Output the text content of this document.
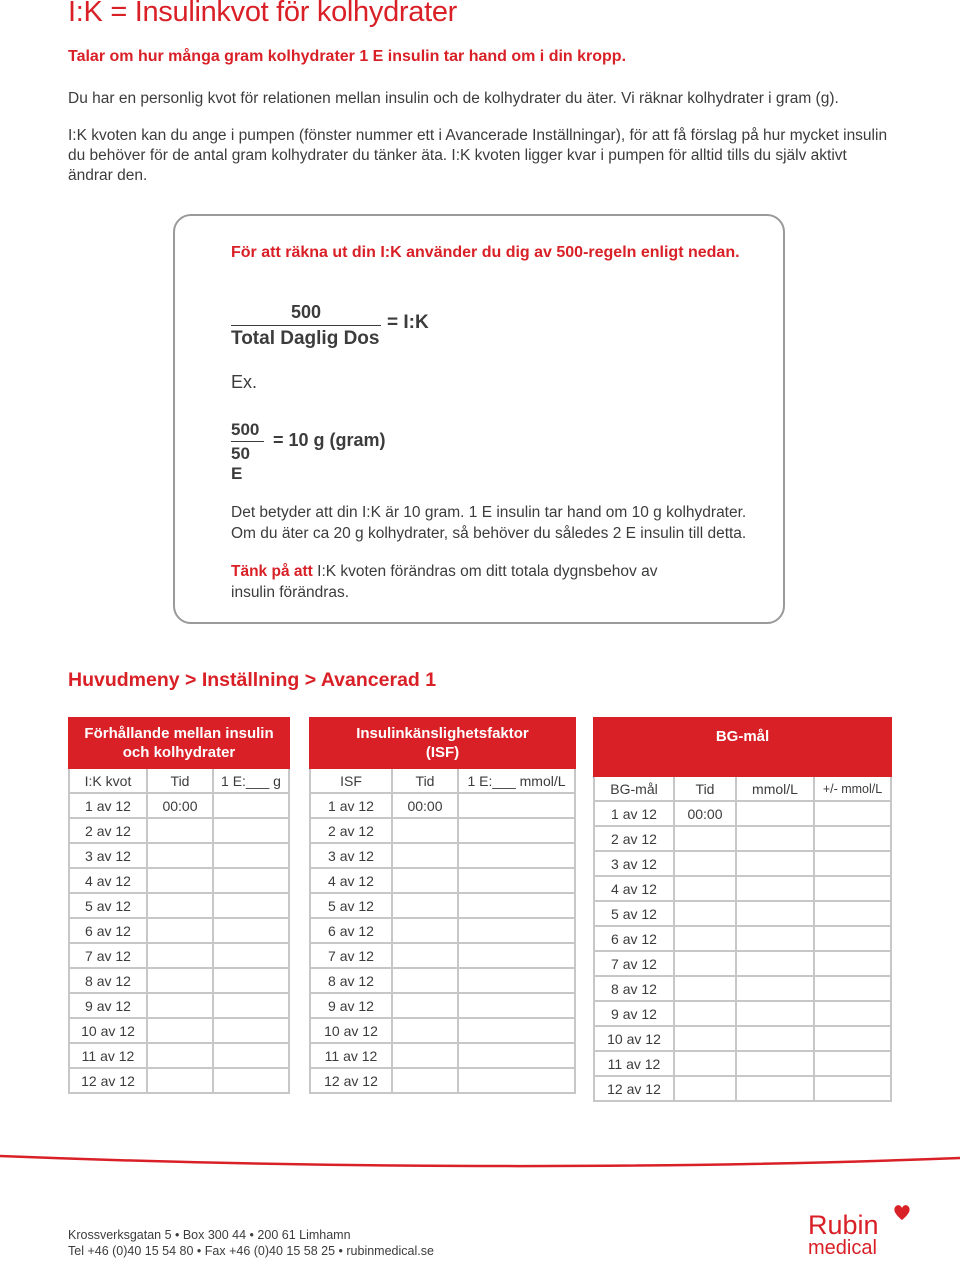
I:K = Insulinkvot för kolhydrater

Talar om hur många gram kolhydrater 1 E insulin tar hand om i din kropp.

Du har en personlig kvot för relationen mellan insulin och de kolhydrater du äter. Vi räknar kolhydrater i gram (g).

I:K kvoten kan du ange i pumpen (fönster nummer ett i Avancerade Inställningar), för att få förslag på hur mycket insulin du behöver för de antal gram kolhydrater du tänker äta. I:K kvoten ligger kvar i pumpen för alltid tills du själv aktivt ändrar den.

För att räkna ut din I:K använder du dig av 500-regeln enligt nedan.

500
Total Daglig Dos
= I:K
Ex.
500
50 E
= 10 g (gram)

Det betyder att din I:K är 10 gram. 1 E insulin tar hand om 10 g kolhydrater. Om du äter ca 20 g kolhydrater, så behöver du således 2 E insulin till detta.

Tänk på att I:K kvoten förändras om ditt totala dygnsbehov av insulin förändras.

Huvudmeny > Inställning > Avancerad 1
Förhållande mellan insulin
och kolhydrater		
I:K kvot	Tid	1 E:___ g
1 av 12	00:00	
2 av 12		
3 av 12		
4 av 12		
5 av 12		
6 av 12		
7 av 12		
8 av 12		
9 av 12		
10 av 12		
11 av 12		
12 av 12		
Insulinkänslighetsfaktor
(ISF)		
ISF	Tid	1 E:___ mmol/L
1 av 12	00:00	
2 av 12		
3 av 12		
4 av 12		
5 av 12		
6 av 12		
7 av 12		
8 av 12		
9 av 12		
10 av 12		
11 av 12		
12 av 12		
BG-mål			
BG-mål	Tid	mmol/L	+/- mmol/L
1 av 12	00:00		
2 av 12			
3 av 12			
4 av 12			
5 av 12			
6 av 12			
7 av 12			
8 av 12			
9 av 12			
10 av 12			
11 av 12			
12 av 12			

Krossverksgatan 5 • Box 300 44 • 200 61 Limhamn

Tel +46 (0)40 15 54 80 • Fax +46 (0)40 15 58 25 • rubinmedical.se

Rubin
medical
